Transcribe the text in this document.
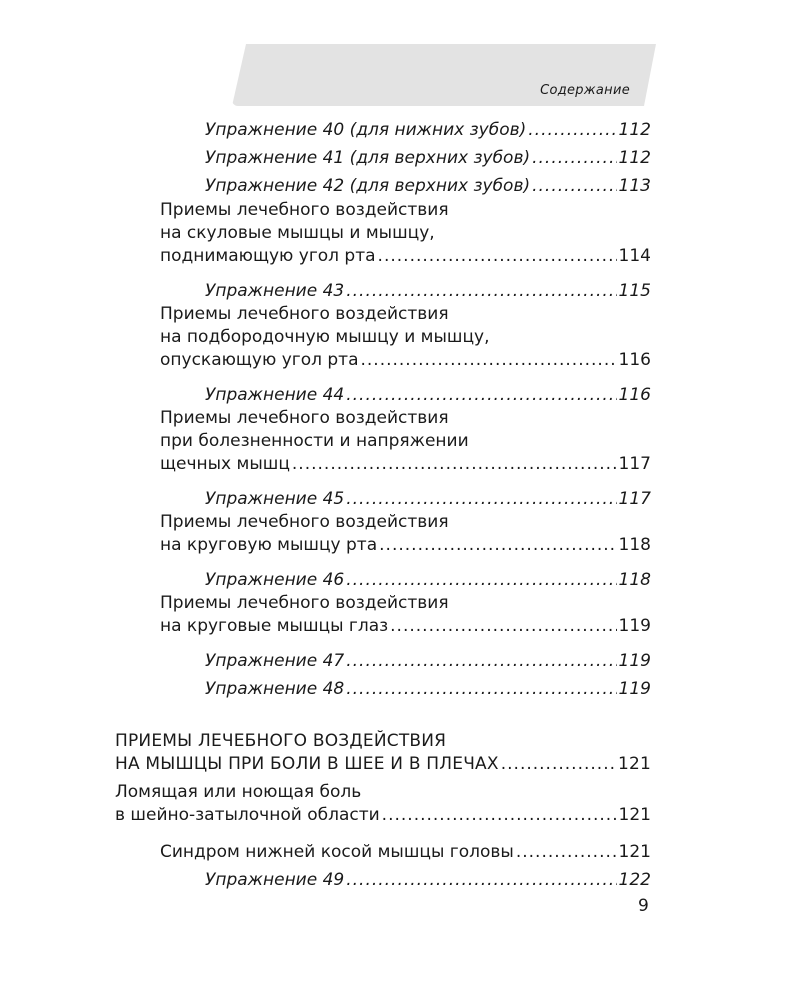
Содержание
Упражнение 40 (для нижних зубов) .....	112
Упражнение 41 (для верхних зубов) .....	112
Упражнение 42 (для верхних зубов) .....	113
Приемы лечебного воздействия
на скуловые мышцы и мышцу,
поднимающую угол рта .....	114
Упражнение 43 .....	115
Приемы лечебного воздействия
на подбородочную мышцу и мышцу,
опускающую угол рта .....	116
Упражнение 44 .....	116
Приемы лечебного воздействия
при болезненности и напряжении
щечных мышц .....	117
Упражнение 45 .....	117
Приемы лечебного воздействия
на круговую мышцу рта .....	118
Упражнение 46 .....	118
Приемы лечебного воздействия
на круговые мышцы глаз .....	119
Упражнение 47 .....	119
Упражнение 48 .....	119
ПРИЕМЫ ЛЕЧЕБНОГО ВОЗДЕЙСТВИЯ
НА МЫШЦЫ ПРИ БОЛИ В ШЕЕ И В ПЛЕЧАХ .....	121
Ломящая или ноющая боль
в шейно-затылочной области .....	121
Синдром нижней косой мышцы головы .....	121
Упражнение 49 .....	122
9
